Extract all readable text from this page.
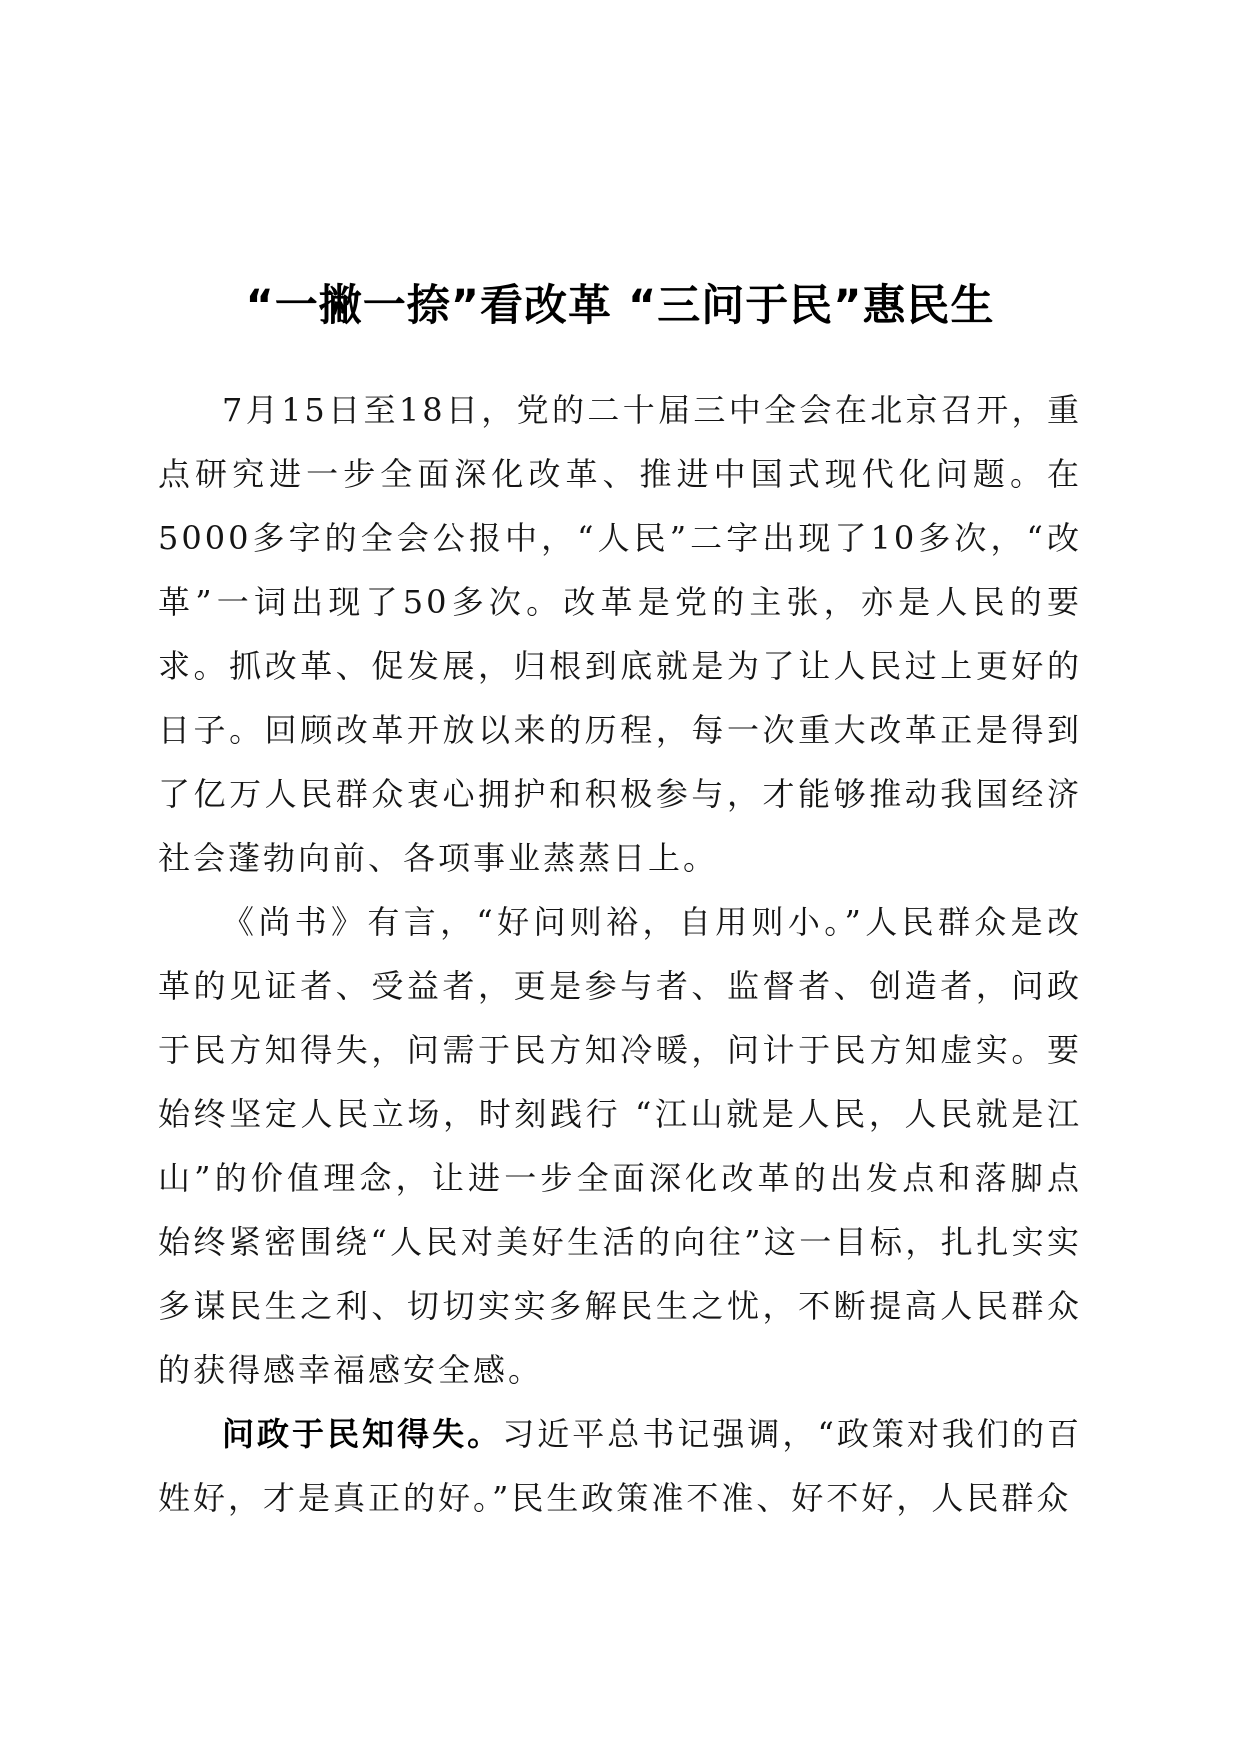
“一撇一捺”看改革 “三问于民”惠民生

7月15日至18日，党的二十届三中全会在北京召开，重点研究进一步全面深化改革、推进中国式现代化问题。在5000多字的全会公报中，“人民”二字出现了10多次，“改革”一词出现了50多次。改革是党的主张，亦是人民的要求。抓改革、促发展，归根到底就是为了让人民过上更好的日子。回顾改革开放以来的历程，每一次重大改革正是得到了亿万人民群众衷心拥护和积极参与，才能够推动我国经济社会蓬勃向前、各项事业蒸蒸日上。

《尚书》有言，“好问则裕，自用则小。”人民群众是改革的见证者、受益者，更是参与者、监督者、创造者，问政于民方知得失，问需于民方知冷暖，问计于民方知虚实。要始终坚定人民立场，时刻践行 “江山就是人民，人民就是江山”的价值理念，让进一步全面深化改革的出发点和落脚点始终紧密围绕“人民对美好生活的向往”这一目标，扎扎实实多谋民生之利、切切实实多解民生之忧，不断提高人民群众的获得感幸福感安全感。

问政于民知得失。习近平总书记强调，“政策对我们的百姓好，才是真正的好。”民生政策准不准、好不好，人民群众
